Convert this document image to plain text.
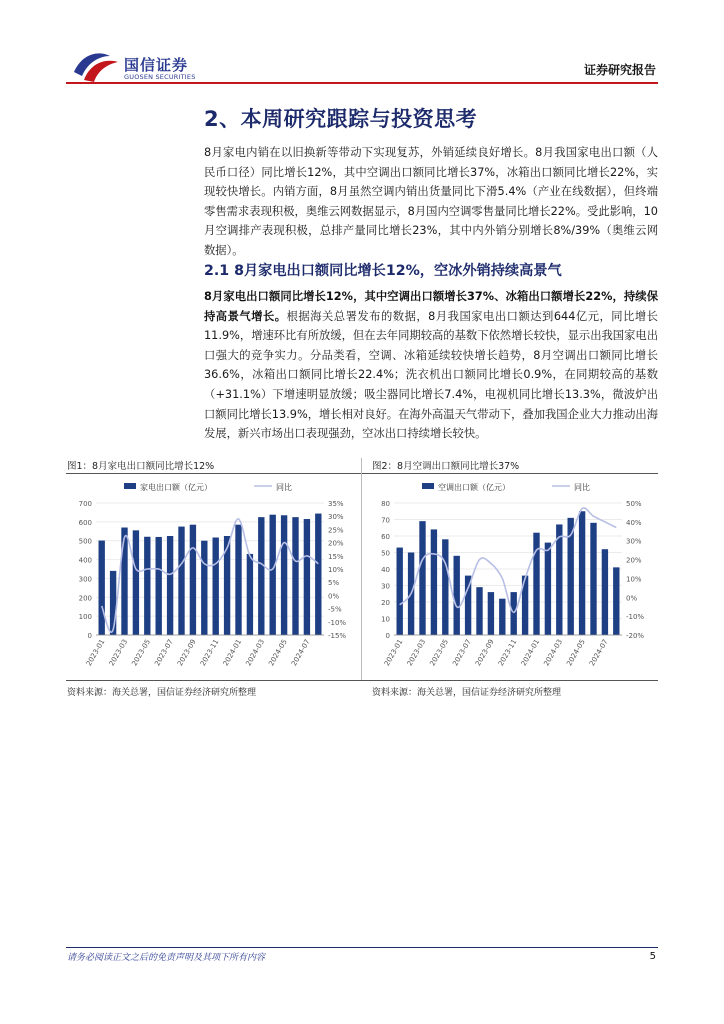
国信证券
GUOSEN SECURITIES	证券研究报告
2、本周研究跟踪与投资思考

8月家电内销在以旧换新等带动下实现复苏，外销延续良好增长。8月我国家电出口额（人民币口径）同比增长12%，其中空调出口额同比增长37%，冰箱出口额同比增长22%，实现较快增长。内销方面，8月虽然空调内销出货量同比下滑5.4%（产业在线数据），但终端零售需求表现积极，奥维云网数据显示，8月国内空调零售量同比增长22%。受此影响，10月空调排产表现积极，总排产量同比增长23%，其中内外销分别增长8%/39%（奥维云网数据）。

2.1 8月家电出口额同比增长12%，空冰外销持续高景气

8月家电出口额同比增长12%，其中空调出口额增长37%、冰箱出口额增长22%，持续保持高景气增长。根据海关总署发布的数据，8月我国家电出口额达到644亿元，同比增长11.9%，增速环比有所放缓，但在去年同期较高的基数下依然增长较快，显示出我国家电出口强大的竞争实力。分品类看，空调、冰箱延续较快增长趋势，8月空调出口额同比增长36.6%，冰箱出口额同比增长22.4%；洗衣机出口额同比增长0.9%，在同期较高的基数（+31.1%）下增速明显放缓；吸尘器同比增长7.4%，电视机同比增长13.3%，微波炉出口额同比增长13.9%，增长相对良好。在海外高温天气带动下，叠加我国企业大力推动出海发展，新兴市场出口表现强劲，空冰出口持续增长较快。

图1：8月家电出口额同比增长12%	图2：8月空调出口额同比增长37%
家电出口额（亿元）	同比
0
100
200
300
400
500
600
700
-15%
-10%
-5%
0%
5%
10%
15%
20%
25%
30%
35%
2023-01 2023-03 2023-05 2023-07 2023-09 2023-11 2024-01 2024-03 2024-05 2024-07
空调出口额（亿元）	同比
0
10
20
30
40
50
60
70
80
-20%
-10%
0%
10%
20%
30%
40%
50%
2023-01 2023-03 2023-05 2023-07 2023-09 2023-11 2024-01 2024-03 2024-05 2024-07
资料来源：海关总署，国信证券经济研究所整理	资料来源：海关总署，国信证券经济研究所整理
请务必阅读正文之后的免责声明及其项下所有内容	5
